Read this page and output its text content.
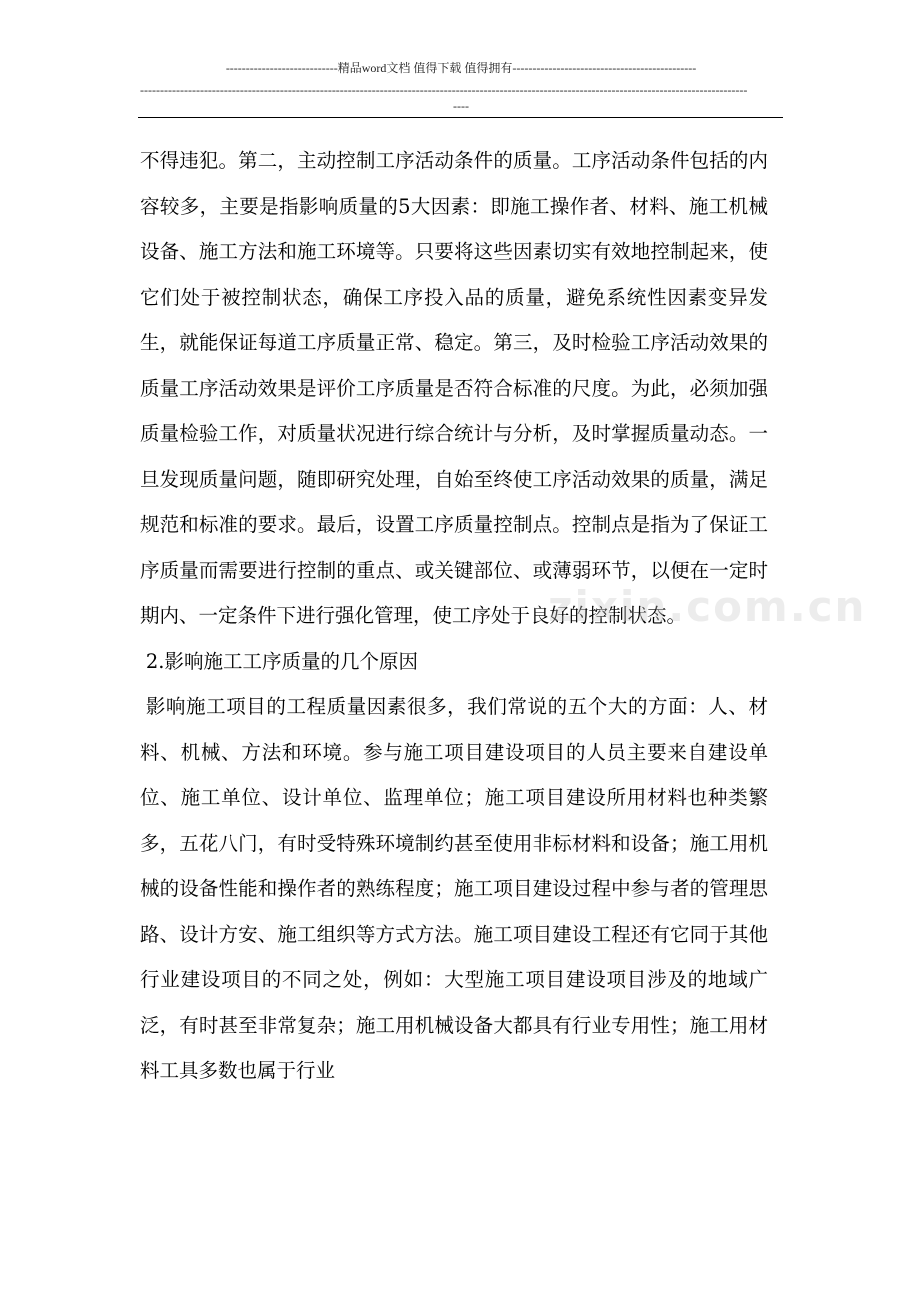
----------------------------精品word文档 值得下载 值得拥有----------------------------------------------
--------------------------------------------------------------------------------------------------------------------------------------------------------
----

不得违犯。第二，主动控制工序活动条件的质量。工序活动条件包括的内容较多，主要是指影响质量的5大因素：即施工操作者、材料、施工机械设备、施工方法和施工环境等。只要将这些因素切实有效地控制起来，使它们处于被控制状态，确保工序投入品的质量，避免系统性因素变异发生，就能保证每道工序质量正常、稳定。第三，及时检验工序活动效果的质量工序活动效果是评价工序质量是否符合标准的尺度。为此，必须加强质量检验工作，对质量状况进行综合统计与分析，及时掌握质量动态。一旦发现质量问题，随即研究处理，自始至终使工序活动效果的质量，满足规范和标准的要求。最后，设置工序质量控制点。控制点是指为了保证工序质量而需要进行控制的重点、或关键部位、或薄弱环节，以便在一定时期内、一定条件下进行强化管理，使工序处于良好的控制状态。

2.影响施工工序质量的几个原因

影响施工项目的工程质量因素很多，我们常说的五个大的方面：人、材料、机械、方法和环境。参与施工项目建设项目的人员主要来自建设单位、施工单位、设计单位、监理单位；施工项目建设所用材料也种类繁多，五花八门，有时受特殊环境制约甚至使用非标材料和设备；施工用机械的设备性能和操作者的熟练程度；施工项目建设过程中参与者的管理思路、设计方安、施工组织等方式方法。施工项目建设工程还有它同于其他行业建设项目的不同之处，例如：大型施工项目建设项目涉及的地域广泛，有时甚至非常复杂；施工用机械设备大都具有行业专用性；施工用材料工具多数也属于行业

zixin.com.cn
